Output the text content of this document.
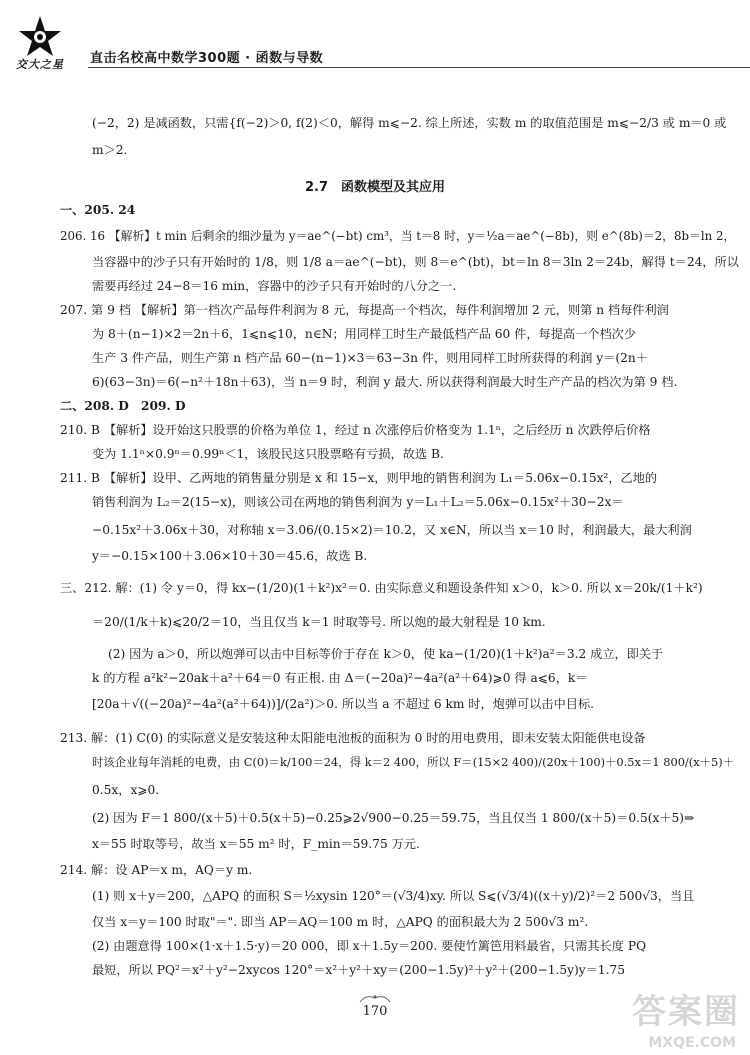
交大之星 直击名校高中数学300题 · 函数与导数
2.7　函数模型及其应用
(−2，2) 是减函数，只需{f(−2)＞0, f(2)＜0，解得 m⩽−2. 综上所述，实数 m 的取值范围是 m⩽−2/3 或 m＝0 或
m＞2.
一、205. 24
206. 16 【解析】t min 后剩余的细沙量为 y＝ae^(−bt) cm³，当 t＝8 时，y＝½a＝ae^(−8b)，则 e^(8b)＝2，8b＝ln 2，
当容器中的沙子只有开始时的 1/8，则 1/8 a＝ae^(−bt)，则 8＝e^(bt)，bt＝ln 8＝3ln 2＝24b，解得 t＝24，所以
需要再经过 24−8＝16 min，容器中的沙子只有开始时的八分之一.
207. 第 9 档 【解析】第一档次产品每件利润为 8 元，每提高一个档次，每件利润增加 2 元，则第 n 档每件利润
为 8＋(n−1)×2＝2n＋6，1⩽n⩽10，n∈N；用同样工时生产最低档产品 60 件，每提高一个档次少
生产 3 件产品，则生产第 n 档产品 60−(n−1)×3＝63−3n 件，则用同样工时所获得的利润 y＝(2n＋
6)(63−3n)＝6(−n²＋18n＋63)，当 n＝9 时，利润 y 最大. 所以获得利润最大时生产产品的档次为第 9 档.
二、208. D　209. D
210. B 【解析】设开始这只股票的价格为单位 1，经过 n 次涨停后价格变为 1.1ⁿ，之后经历 n 次跌停后价格
变为 1.1ⁿ×0.9ⁿ＝0.99ⁿ＜1，该股民这只股票略有亏损，故选 B.
211. B 【解析】设甲、乙两地的销售量分别是 x 和 15−x，则甲地的销售利润为 L₁＝5.06x−0.15x²，乙地的
销售利润为 L₂＝2(15−x)，则该公司在两地的销售利润为 y＝L₁＋L₂＝5.06x−0.15x²＋30−2x＝
−0.15x²＋3.06x＋30，对称轴 x＝3.06/(0.15×2)＝10.2，又 x∈N，所以当 x＝10 时，利润最大，最大利润
y＝−0.15×100＋3.06×10＋30＝45.6，故选 B.
三、212. 解：(1) 令 y＝0，得 kx−(1/20)(1＋k²)x²＝0. 由实际意义和题设条件知 x＞0，k＞0. 所以 x＝20k/(1＋k²)
＝20/(1/k＋k)⩽20/2＝10，当且仅当 k＝1 时取等号. 所以炮的最大射程是 10 km.
(2) 因为 a＞0，所以炮弹可以击中目标等价于存在 k＞0，使 ka−(1/20)(1＋k²)a²＝3.2 成立，即关于
k 的方程 a²k²−20ak＋a²＋64＝0 有正根. 由 Δ＝(−20a)²−4a²(a²＋64)⩾0 得 a⩽6，k＝
[20a＋√((−20a)²−4a²(a²＋64))]/(2a²)＞0. 所以当 a 不超过 6 km 时，炮弹可以击中目标.
213. 解：(1) C(0) 的实际意义是安装这种太阳能电池板的面积为 0 时的用电费用，即未安装太阳能供电设备
时该企业每年消耗的电费，由 C(0)＝k/100＝24，得 k＝2 400，所以 F＝(15×2 400)/(20x＋100)＋0.5x＝1 800/(x＋5)＋
0.5x，x⩾0.
(2) 因为 F＝1 800/(x＋5)＋0.5(x＋5)−0.25⩾2√900−0.25＝59.75，当且仅当 1 800/(x＋5)＝0.5(x＋5)⇒
x＝55 时取等号，故当 x＝55 m² 时，F_min＝59.75 万元.
214. 解：设 AP＝x m，AQ＝y m.
(1) 则 x＋y＝200，△APQ 的面积 S＝½xysin 120°＝(√3/4)xy. 所以 S⩽(√3/4)((x＋y)/2)²＝2 500√3，当且
仅当 x＝y＝100 时取"＝". 即当 AP＝AQ＝100 m 时，△APQ 的面积最大为 2 500√3 m².
(2) 由题意得 100×(1·x＋1.5·y)＝20 000，即 x＋1.5y＝200. 要使竹篱笆用料最省，只需其长度 PQ
最短，所以 PQ²＝x²＋y²−2xycos 120°＝x²＋y²＋xy＝(200−1.5y)²＋y²＋(200−1.5y)y＝1.75
170	答案圈
MXQE.COM
